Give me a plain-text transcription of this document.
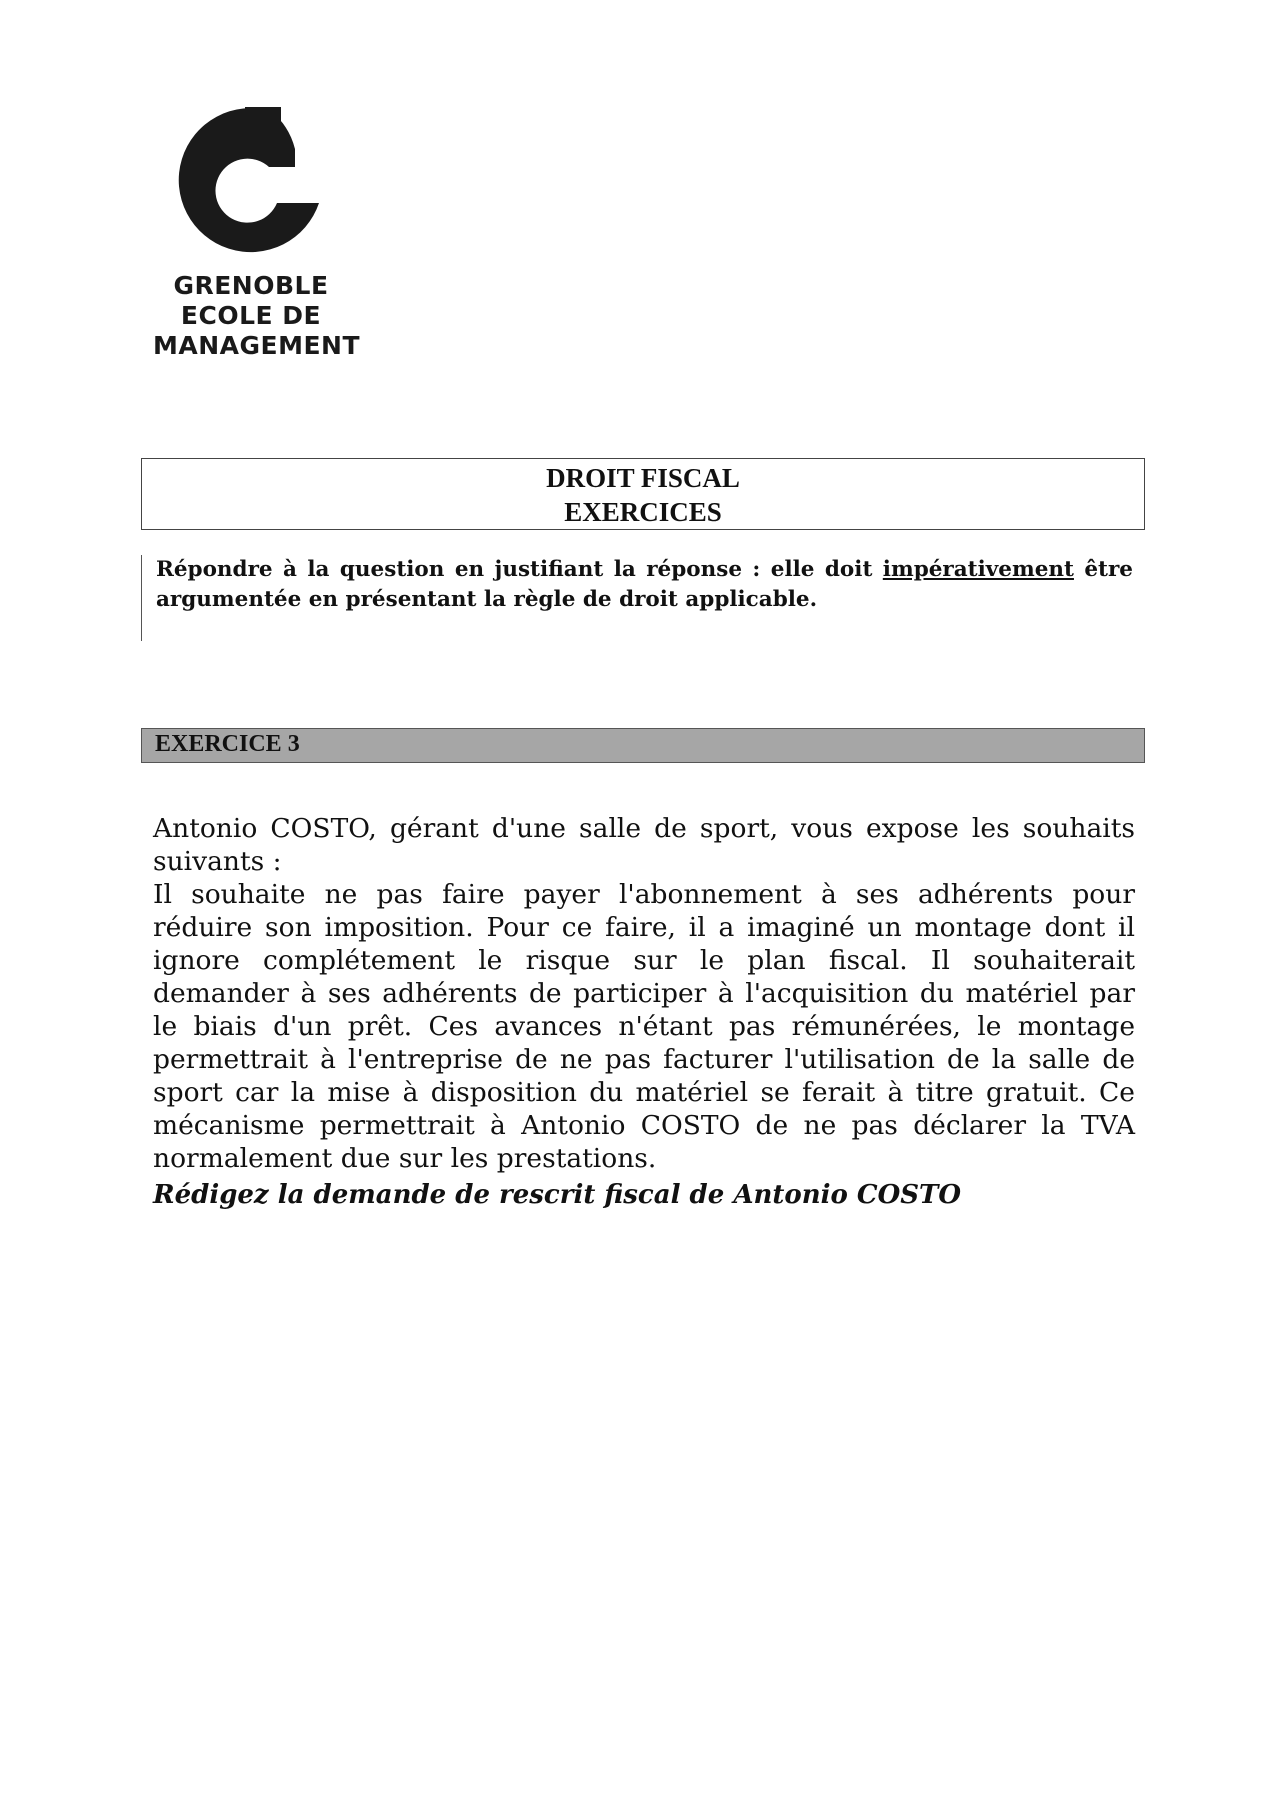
GRENOBLE
ECOLE DE
MANAGEMENT
DROIT FISCAL
EXERCICES
Répondre à la question en justifiant la réponse : elle doit impérativement être argumentée en présentant la règle de droit applicable.
EXERCICE 3

Antonio COSTO, gérant d'une salle de sport, vous expose les souhaits suivants :

Il souhaite ne pas faire payer l'abonnement à ses adhérents pour réduire son imposition. Pour ce faire, il a imaginé un montage dont il ignore complétement le risque sur le plan fiscal. Il souhaiterait demander à ses adhérents de participer à l'acquisition du matériel par le biais d'un prêt. Ces avances n'étant pas rémunérées, le montage permettrait à l'entreprise de ne pas facturer l'utilisation de la salle de sport car la mise à disposition du matériel se ferait à titre gratuit. Ce mécanisme permettrait à Antonio COSTO de ne pas déclarer la TVA normalement due sur les prestations.

Rédigez la demande de rescrit fiscal de Antonio COSTO
